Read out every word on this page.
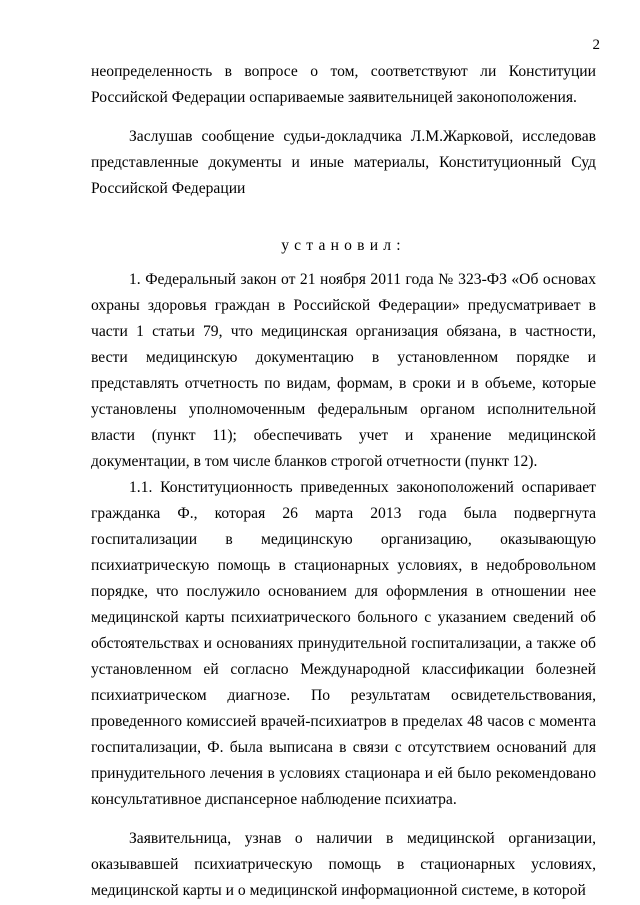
2

неопределенность в вопросе о том, соответствуют ли Конституции Российской Федерации оспариваемые заявительницей законоположения.

Заслушав сообщение судьи-докладчика Л.М.Жарковой, исследовав представленные документы и иные материалы, Конституционный Суд Российской Федерации

установил:

1. Федеральный закон от 21 ноября 2011 года № 323-ФЗ «Об основах охраны здоровья граждан в Российской Федерации» предусматривает в части 1 статьи 79, что медицинская организация обязана, в частности, вести медицинскую документацию в установленном порядке и представлять отчетность по видам, формам, в сроки и в объеме, которые установлены уполномоченным федеральным органом исполнительной власти (пункт 11); обеспечивать учет и хранение медицинской документации, в том числе бланков строгой отчетности (пункт 12).

1.1. Конституционность приведенных законоположений оспаривает гражданка Ф., которая 26 марта 2013 года была подвергнута госпитализации в медицинскую организацию, оказывающую психиатрическую помощь в стационарных условиях, в недобровольном порядке, что послужило основанием для оформления в отношении нее медицинской карты психиатрического больного с указанием сведений об обстоятельствах и основаниях принудительной госпитализации, а также об установленном ей согласно Международной классификации болезней психиатрическом диагнозе. По результатам освидетельствования, проведенного комиссией врачей-психиатров в пределах 48 часов с момента госпитализации, Ф. была выписана в связи с отсутствием оснований для принудительного лечения в условиях стационара и ей было рекомендовано консультативное диспансерное наблюдение психиатра.

Заявительница, узнав о наличии в медицинской организации, оказывавшей психиатрическую помощь в стационарных условиях, медицинской карты и о медицинской информационной системе, в которой
